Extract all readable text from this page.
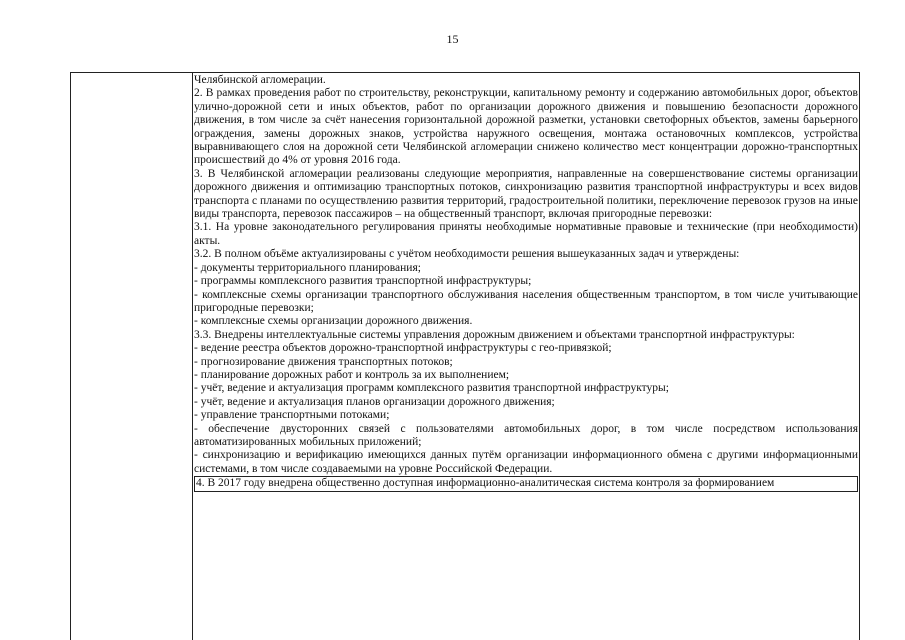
15

Челябинской агломерации.

2. В рамках проведения работ по строительству, реконструкции, капитальному ремонту и содержанию автомобильных дорог, объектов улично-дорожной сети и иных объектов, работ по организации дорожного движения и повышению безопасности дорожного движения, в том числе за счёт нанесения горизонтальной дорожной разметки, установки светофорных объектов, замены барьерного ограждения, замены дорожных знаков, устройства наружного освещения, монтажа остановочных комплексов, устройства выравнивающего слоя на дорожной сети Челябинской агломерации снижено количество мест концентрации дорожно-транспортных происшествий до 4% от уровня 2016 года.

3. В Челябинской агломерации реализованы следующие мероприятия, направленные на совершенствование системы организации дорожного движения и оптимизацию транспортных потоков, синхронизацию развития транспортной инфраструктуры и всех видов транспорта с планами по осуществлению развития территорий, градостроительной политики, переключение перевозок грузов на иные виды транспорта, перевозок пассажиров – на общественный транспорт, включая пригородные перевозки:

3.1. На уровне законодательного регулирования приняты необходимые нормативные правовые и технические (при необходимости) акты.

3.2. В полном объёме актуализированы с учётом необходимости решения вышеуказанных задач и утверждены:

- документы территориального планирования;

- программы комплексного развития транспортной инфраструктуры;

- комплексные схемы организации транспортного обслуживания населения общественным транспортом, в том числе учитывающие пригородные перевозки;

- комплексные схемы организации дорожного движения.

3.3. Внедрены интеллектуальные системы управления дорожным движением и объектами транспортной инфраструктуры:

- ведение реестра объектов дорожно-транспортной инфраструктуры с гео-привязкой;

- прогнозирование движения транспортных потоков;

- планирование дорожных работ и контроль за их выполнением;

- учёт, ведение и актуализация программ комплексного развития транспортной инфраструктуры;

- учёт, ведение и актуализация планов организации дорожного движения;

- управление транспортными потоками;

- обеспечение двусторонних связей с пользователями автомобильных дорог, в том числе посредством использования автоматизированных мобильных приложений;

- синхронизацию и верификацию имеющихся данных путём организации информационного обмена с другими информационными системами, в том числе создаваемыми на уровне Российской Федерации.

4. В 2017 году внедрена общественно доступная информационно-аналитическая система контроля за формированием
